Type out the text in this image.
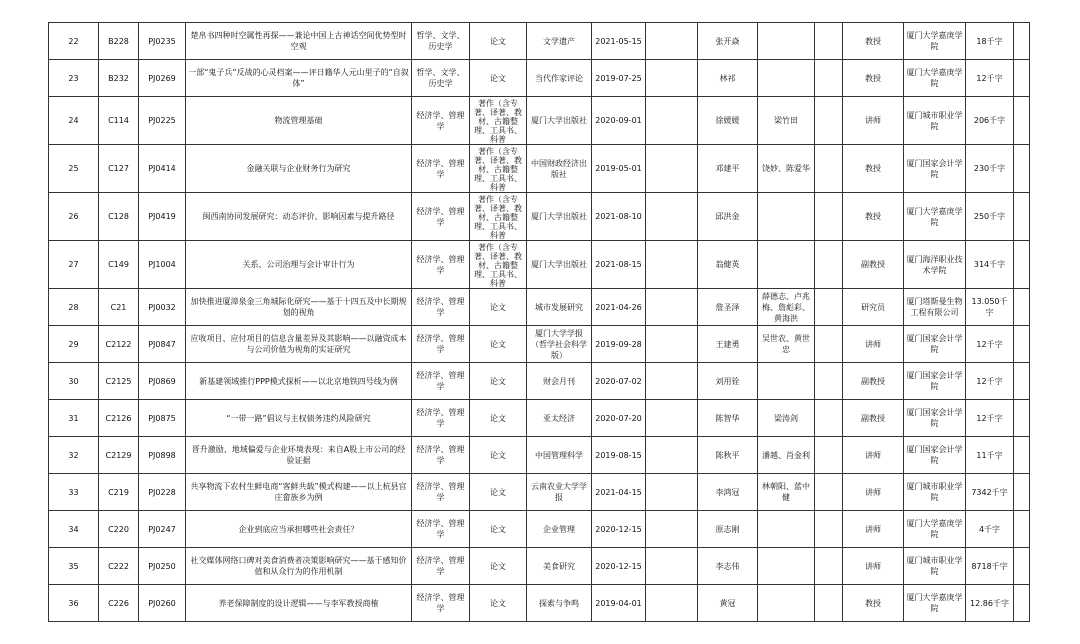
22	B228	PJ0235	楚帛书四种时空属性再探——兼论中国上古神话空间优势型时空观	哲学、文学、历史学	论文	文学遗产	2021-05-15		张开焱			教授	厦门大学嘉庚学院	18千字	
23	B232	PJ0269	一部“鬼子兵”反战的心灵档案——评日籍华人元山里子的“自叙体”	哲学、文学、历史学	论文	当代作家评论	2019-07-25		林祁			教授	厦门大学嘉庚学院	12千字	
24	C114	PJ0225	物流管理基础	经济学、管理学	著作（含专著、译著、教材、古籍整理、工具书、科普	厦门大学出版社	2020-09-01		徐媛媛	梁竹田		讲师	厦门城市职业学院	206千字	
25	C127	PJ0414	金融关联与企业财务行为研究	经济学、管理学	著作（含专著、译著、教材、古籍整理、工具书、科普	中国财政经济出版社	2019-05-01		邓建平	饶妙、陈爱华		教授	厦门国家会计学院	230千字	
26	C128	PJ0419	闽西南协同发展研究：动态评价、影响因素与提升路径	经济学、管理学	著作（含专著、译著、教材、古籍整理、工具书、科普	厦门大学出版社	2021-08-10		邱洪金			教授	厦门大学嘉庚学院	250千字	
27	C149	PJ1004	关系、公司治理与会计审计行为	经济学、管理学	著作（含专著、译著、教材、古籍整理、工具书、科普	厦门大学出版社	2021-08-15		翁健英			副教授	厦门海洋职业技术学院	314千字	
28	C21	PJ0032	加快推进厦漳泉金三角城际化研究——基于十四五及中长期规划的视角	经济学、管理学	论文	城市发展研究	2021-04-26		詹圣泽	薛德志、卢兆梅、詹彪彩、黄海洪		研究员	厦门塔斯曼生物工程有限公司	13.050千字	
29	C2122	PJ0847	应收项目、应付项目的信息含量差异及其影响——以融资成本与公司价值为视角的实证研究	经济学、管理学	论文	厦门大学学报（哲学社会科学版）	2019-09-28		王建勇	吴世农、黄世忠		讲师	厦门国家会计学院	12千字	
30	C2125	PJ0869	新基建领域推行PPP模式探析——以北京地铁四号线为例	经济学、管理学	论文	财会月刊	2020-07-02		刘用铨			副教授	厦门国家会计学院	12千字	
31	C2126	PJ0875	“一带一路”倡议与主权债务违约风险研究	经济学、管理学	论文	亚太经济	2020-07-20		陈智华	梁涛剑		副教授	厦门国家会计学院	12千字	
32	C2129	PJ0898	晋升激励、地域偏爱与企业环境表现：来自A股上市公司的经验证据	经济学、管理学	论文	中国管理科学	2019-08-15		陈秋平	潘越、肖金利		讲师	厦门国家会计学院	11千字	
33	C219	PJ0228	共享物流下农村生鲜电商“客鲜共载”模式构建——以上杭县官庄畲族乡为例	经济学、管理学	论文	云南农业大学学报	2021-04-15		李鸿冠	林朝阳、蓝中健		讲师	厦门城市职业学院	7342千字	
34	C220	PJ0247	企业到底应当承担哪些社会责任？	经济学、管理学	论文	企业管理	2020-12-15		原志刚			讲师	厦门大学嘉庚学院	4千字	
35	C222	PJ0250	社交媒体网络口碑对美食消费者决策影响研究——基于感知价值和从众行为的作用机制	经济学、管理学	论文	美食研究	2020-12-15		李志伟			讲师	厦门城市职业学院	8718千字	
36	C226	PJ0260	养老保障制度的设计逻辑——与李军教授商榷	经济学、管理学	论文	探索与争鸣	2019-04-01		黄冠			教授	厦门大学嘉庚学院	12.86千字	
